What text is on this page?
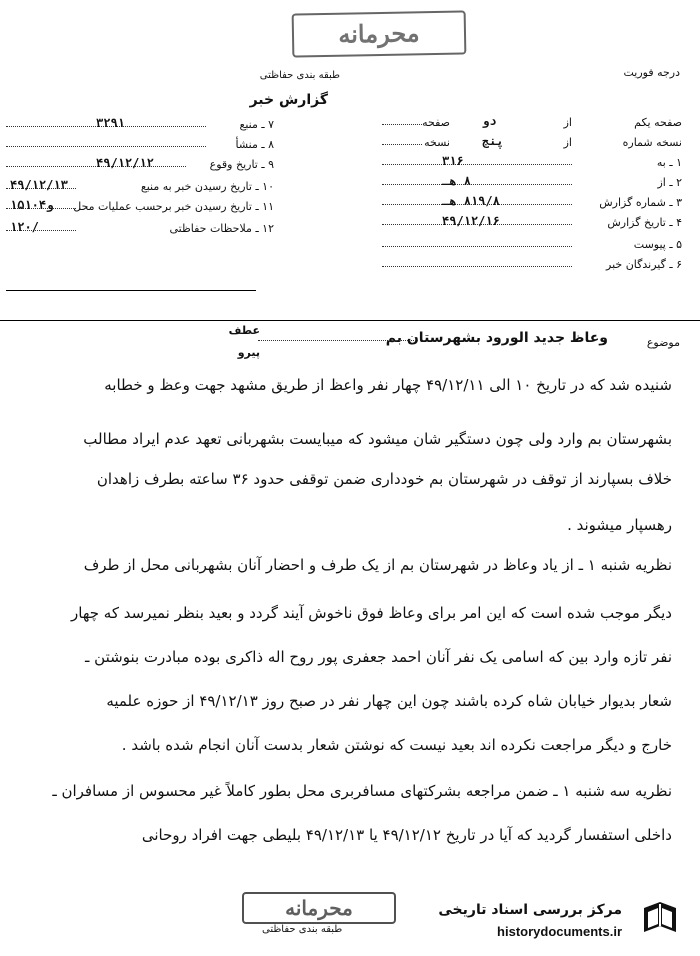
محرمانه
طبقه بندی حفاظتی	درجه فوریت
گزارش خبر
۷ ـ منبع
۳۲۹۱
۸ ـ منشأ
۹ ـ تاریخ وقوع
۴۹/۱۲/۱۲
۱۰ ـ تاریخ رسیدن خبر به منبع
۴۹/۱۲/۱۳
۱۱ ـ تاریخ رسیدن خبر برحسب عملیات محل
۱۵و۱۰۴
۱۲ ـ ملاحظات حفاظتی
۱۲۰/
صفحه یکم
از
صفحه	دو
نسخه شماره
از
نسخه	پنج
۱ ـ به
۳۱۶
۲ ـ از
۸ هـ
۳ ـ شماره گزارش
۸۱۹/۸ هـ
۴ ـ تاریخ گزارش
۴۹/۱۲/۱۶
۵ ـ پیوست
۶ ـ گیرندگان خبر
موضوع
وعاظ جدید الورود بشهرستان بم
عطف
پیرو
شنیده شد که در تاریخ ۱۰ الی ۴۹/۱۲/۱۱ چهار نفر واعظ از طریق مشهد جهت وعظ و خطابه
بشهرستان بم وارد ولی چون دستگیر شان میشود که میبایست بشهربانی تعهد عدم ایراد مطالب
خلاف بسپارند از توقف در شهرستان بم خودداری ضمن توقفی حدود ۳۶ ساعته بطرف زاهدان
رهسپار میشوند .
نظریه شنبه ۱ ـ از یاد وعاظ در شهرستان بم از یک طرف و احضار آنان بشهربانی محل از طرف
دیگر موجب شده است که این امر برای وعاظ فوق ناخوش آیند گردد و بعید بنظر نمیرسد که چهار
نفر تازه وارد بین که اسامی یک نفر آنان احمد جعفری پور روح اله ذاکری بوده مبادرت بنوشتن ـ
شعار بدیوار خیابان شاه کرده باشند چون این چهار نفر در صبح روز ۴۹/۱۲/۱۳ از حوزه علمیه
خارج و دیگر مراجعت نکرده اند بعید نیست که نوشتن شعار بدست آنان انجام شده باشد .
نظریه سه شنبه ۱ ـ ضمن مراجعه بشرکتهای مسافربری محل بطور کاملاً غیر محسوس از مسافران ـ
داخلی استفسار گردید که آیا در تاریخ ۴۹/۱۲/۱۲ یا ۴۹/۱۲/۱۳ بلیطی جهت افراد روحانی
محرمانه
طبقه بندی حفاظتی
مرکز بررسی اسناد تاریخی
historydocuments.ir
